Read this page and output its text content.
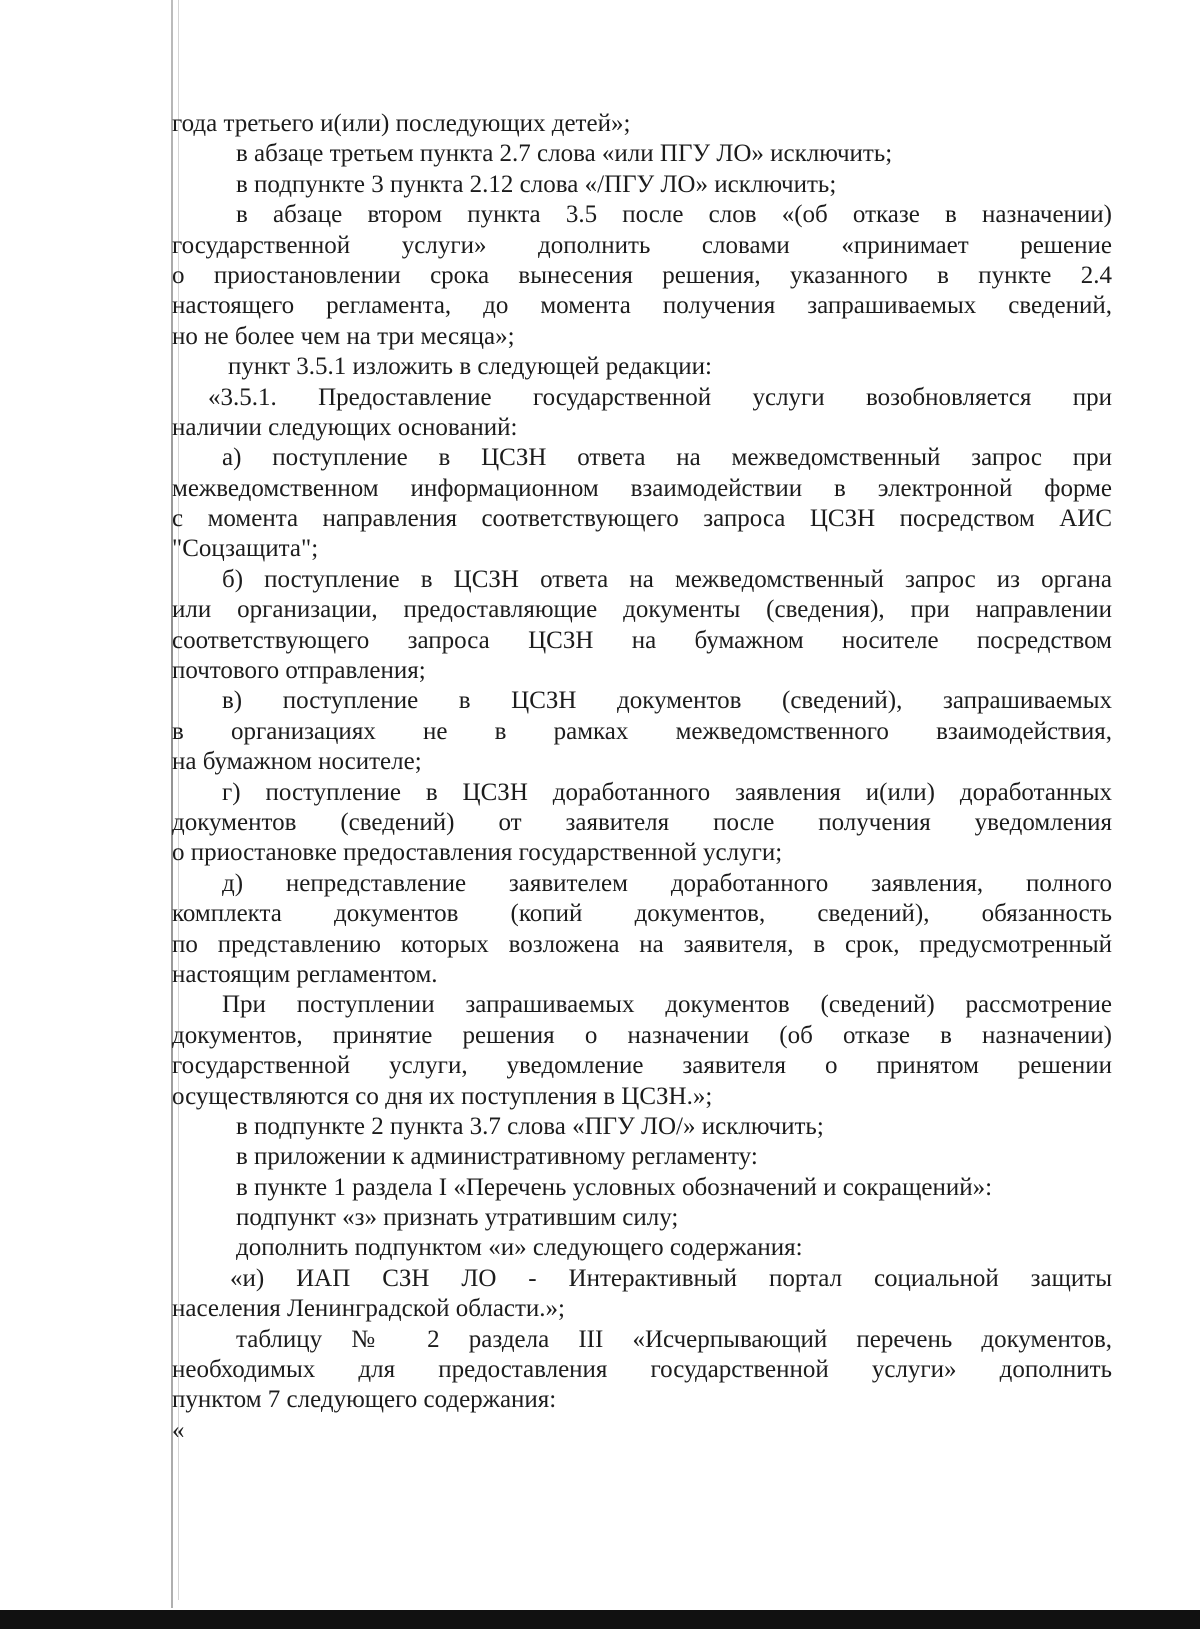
года третьего и(или) последующих детей»;
в абзаце третьем пункта 2.7 слова «или ПГУ ЛО» исключить;
в подпункте 3 пункта 2.12 слова «/ПГУ ЛО» исключить;
в абзаце втором пункта 3.5 после слов «(об отказе в назначении)
государственной услуги» дополнить словами «принимает решение
о приостановлении срока вынесения решения, указанного в пункте 2.4
настоящего регламента, до момента получения запрашиваемых сведений,
но не более чем на три месяца»;
пункт 3.5.1 изложить в следующей редакции:
«3.5.1. Предоставление государственной услуги возобновляется при
наличии следующих оснований:
а) поступление в ЦСЗН ответа на межведомственный запрос при
межведомственном информационном взаимодействии в электронной форме
с момента направления соответствующего запроса ЦСЗН посредством АИС
"Соцзащита";
б) поступление в ЦСЗН ответа на межведомственный запрос из органа
или организации, предоставляющие документы (сведения), при направлении
соответствующего запроса ЦСЗН на бумажном носителе посредством
почтового отправления;
в) поступление в ЦСЗН документов (сведений), запрашиваемых
в организациях не в рамках межведомственного взаимодействия,
на бумажном носителе;
г) поступление в ЦСЗН доработанного заявления и(или) доработанных
документов (сведений) от заявителя после получения уведомления
о приостановке предоставления государственной услуги;
д) непредставление заявителем доработанного заявления, полного
комплекта документов (копий документов, сведений), обязанность
по представлению которых возложена на заявителя, в срок, предусмотренный
настоящим регламентом.
При поступлении запрашиваемых документов (сведений) рассмотрение
документов, принятие решения о назначении (об отказе в назначении)
государственной услуги, уведомление заявителя о принятом решении
осуществляются со дня их поступления в ЦСЗН.»;
в подпункте 2 пункта 3.7 слова «ПГУ ЛО/» исключить;
в приложении к административному регламенту:
в пункте 1 раздела I «Перечень условных обозначений и сокращений»:
подпункт «з» признать утратившим силу;
дополнить подпунктом «и» следующего содержания:
«и) ИАП СЗН ЛО - Интерактивный портал социальной защиты
населения Ленинградской области.»;
таблицу № 2 раздела III «Исчерпывающий перечень документов,
необходимых для предоставления государственной услуги» дополнить
пунктом 7 следующего содержания:
«
